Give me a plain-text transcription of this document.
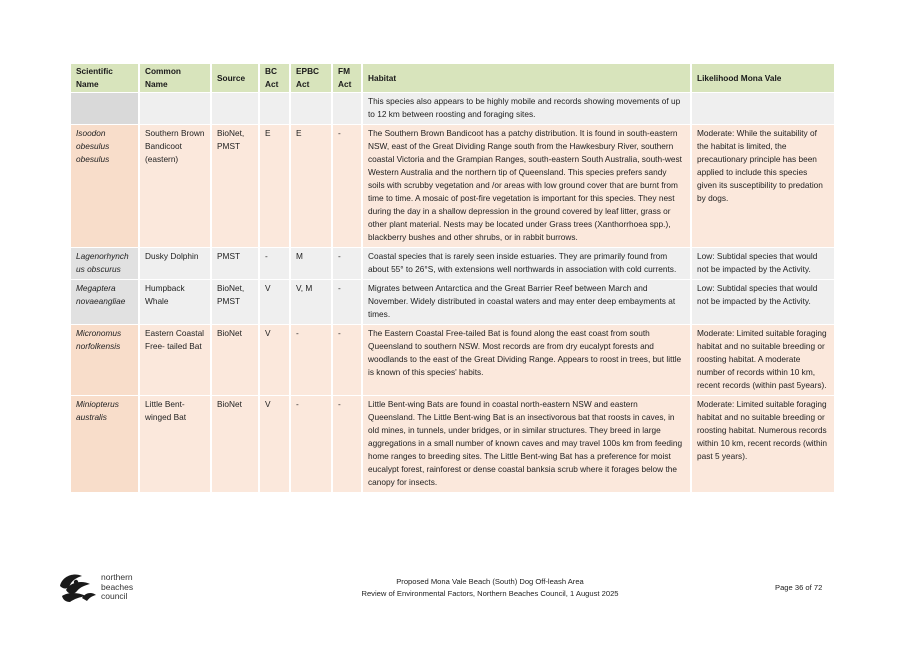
Scientific Name	Common Name	Source	BC Act	EPBC Act	FM Act	Habitat	Likelihood Mona Vale
						This species also appears to be highly mobile and records showing movements of up to 12 km between roosting and foraging sites.	
Isoodon obesulus obesulus	Southern Brown Bandicoot (eastern)	BioNet, PMST	E	E	-	The Southern Brown Bandicoot has a patchy distribution. It is found in south-eastern NSW, east of the Great Dividing Range south from the Hawkesbury River, southern coastal Victoria and the Grampian Ranges, south-eastern South Australia, south-west Western Australia and the northern tip of Queensland. This species prefers sandy soils with scrubby vegetation and /or areas with low ground cover that are burnt from time to time. A mosaic of post-fire vegetation is important for this species. They nest during the day in a shallow depression in the ground covered by leaf litter, grass or other plant material. Nests may be located under Grass trees (Xanthorrhoea spp.), blackberry bushes and other shrubs, or in rabbit burrows.	Moderate: While the suitability of the habitat is limited, the precautionary principle has been applied to include this species given its susceptibility to predation by dogs.
Lagenorhynchus obscurus	Dusky Dolphin	PMST	-	M	-	Coastal species that is rarely seen inside estuaries. They are primarily found from about 55° to 26°S, with extensions well northwards in association with cold currents.	Low: Subtidal species that would not be impacted by the Activity.
Megaptera novaeangliae	Humpback Whale	BioNet, PMST	V	V, M	-	Migrates between Antarctica and the Great Barrier Reef between March and November. Widely distributed in coastal waters and may enter deep embayments at times.	Low: Subtidal species that would not be impacted by the Activity.
Micronomus norfolkensis	Eastern Coastal Free- tailed Bat	BioNet	V	-	-	The Eastern Coastal Free-tailed Bat is found along the east coast from south Queensland to southern NSW. Most records are from dry eucalypt forests and woodlands to the east of the Great Dividing Range. Appears to roost in trees, but little is known of this species' habits.	Moderate: Limited suitable foraging habitat and no suitable breeding or roosting habitat. A moderate number of records within 10 km, recent records (within past 5years).
Miniopterus australis	Little Bent-winged Bat	BioNet	V	-	-	Little Bent-wing Bats are found in coastal north-eastern NSW and eastern Queensland. The Little Bent-wing Bat is an insectivorous bat that roosts in caves, in old mines, in tunnels, under bridges, or in similar structures. They breed in large aggregations in a small number of known caves and may travel 100s km from feeding home ranges to breeding sites. The Little Bent-wing Bat has a preference for moist eucalypt forest, rainforest or dense coastal banksia scrub where it forages below the canopy for insects.	Moderate: Limited suitable foraging habitat and no suitable breeding or roosting habitat. Numerous records within 10 km, recent records (within past 5 years).
northern
beaches
council
Proposed Mona Vale Beach (South) Dog Off-leash Area
Review of Environmental Factors, Northern Beaches Council, 1 August 2025
Page 36 of 72
